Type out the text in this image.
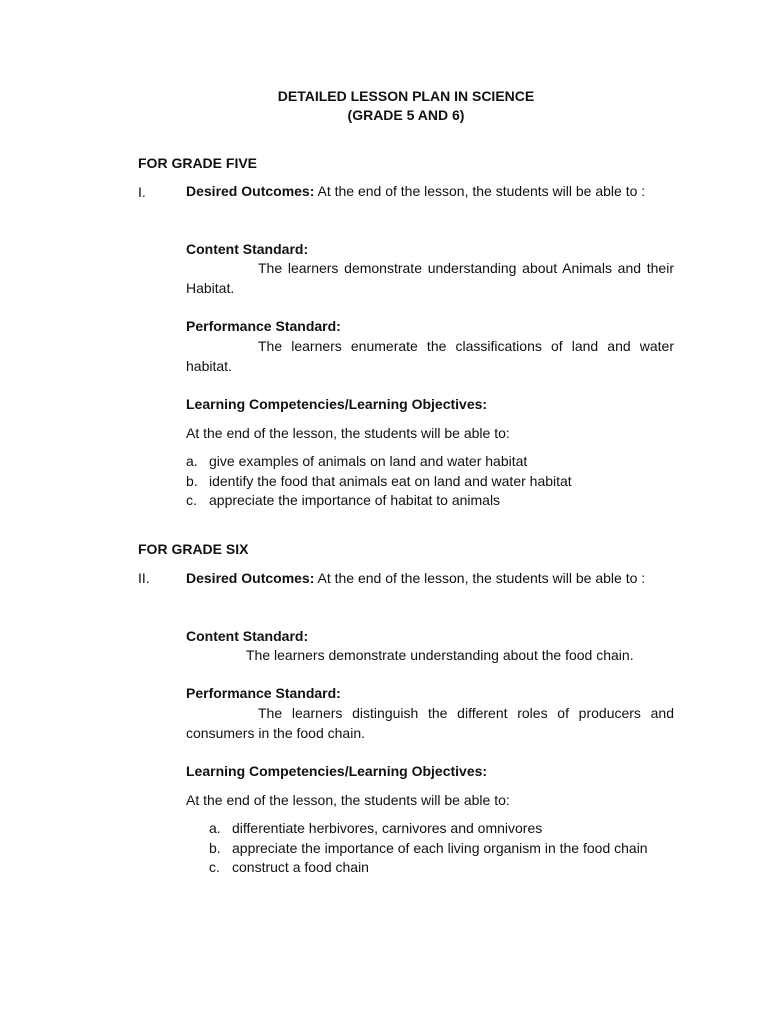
DETAILED LESSON PLAN IN SCIENCE
(GRADE 5 AND 6)
FOR GRADE FIVE
I.	Desired Outcomes: At the end of the lesson, the students will be able to :
Content Standard:
The learners demonstrate understanding about Animals and their Habitat.
Performance Standard:
The learners enumerate the classifications of land and water habitat.
Learning Competencies/Learning Objectives:
At the end of the lesson, the students will be able to:
a. give examples of animals on land and water habitat
b. identify the food that animals eat on land and water habitat
c. appreciate the importance of habitat to animals
FOR GRADE SIX
II.	Desired Outcomes: At the end of the lesson, the students will be able to :
Content Standard:
The learners demonstrate understanding about the food chain.
Performance Standard:
The learners distinguish the different roles of producers and consumers in the food chain.
Learning Competencies/Learning Objectives:
At the end of the lesson, the students will be able to:
a. differentiate herbivores, carnivores and omnivores
b. appreciate the importance of each living organism in the food chain
c. construct a food chain
